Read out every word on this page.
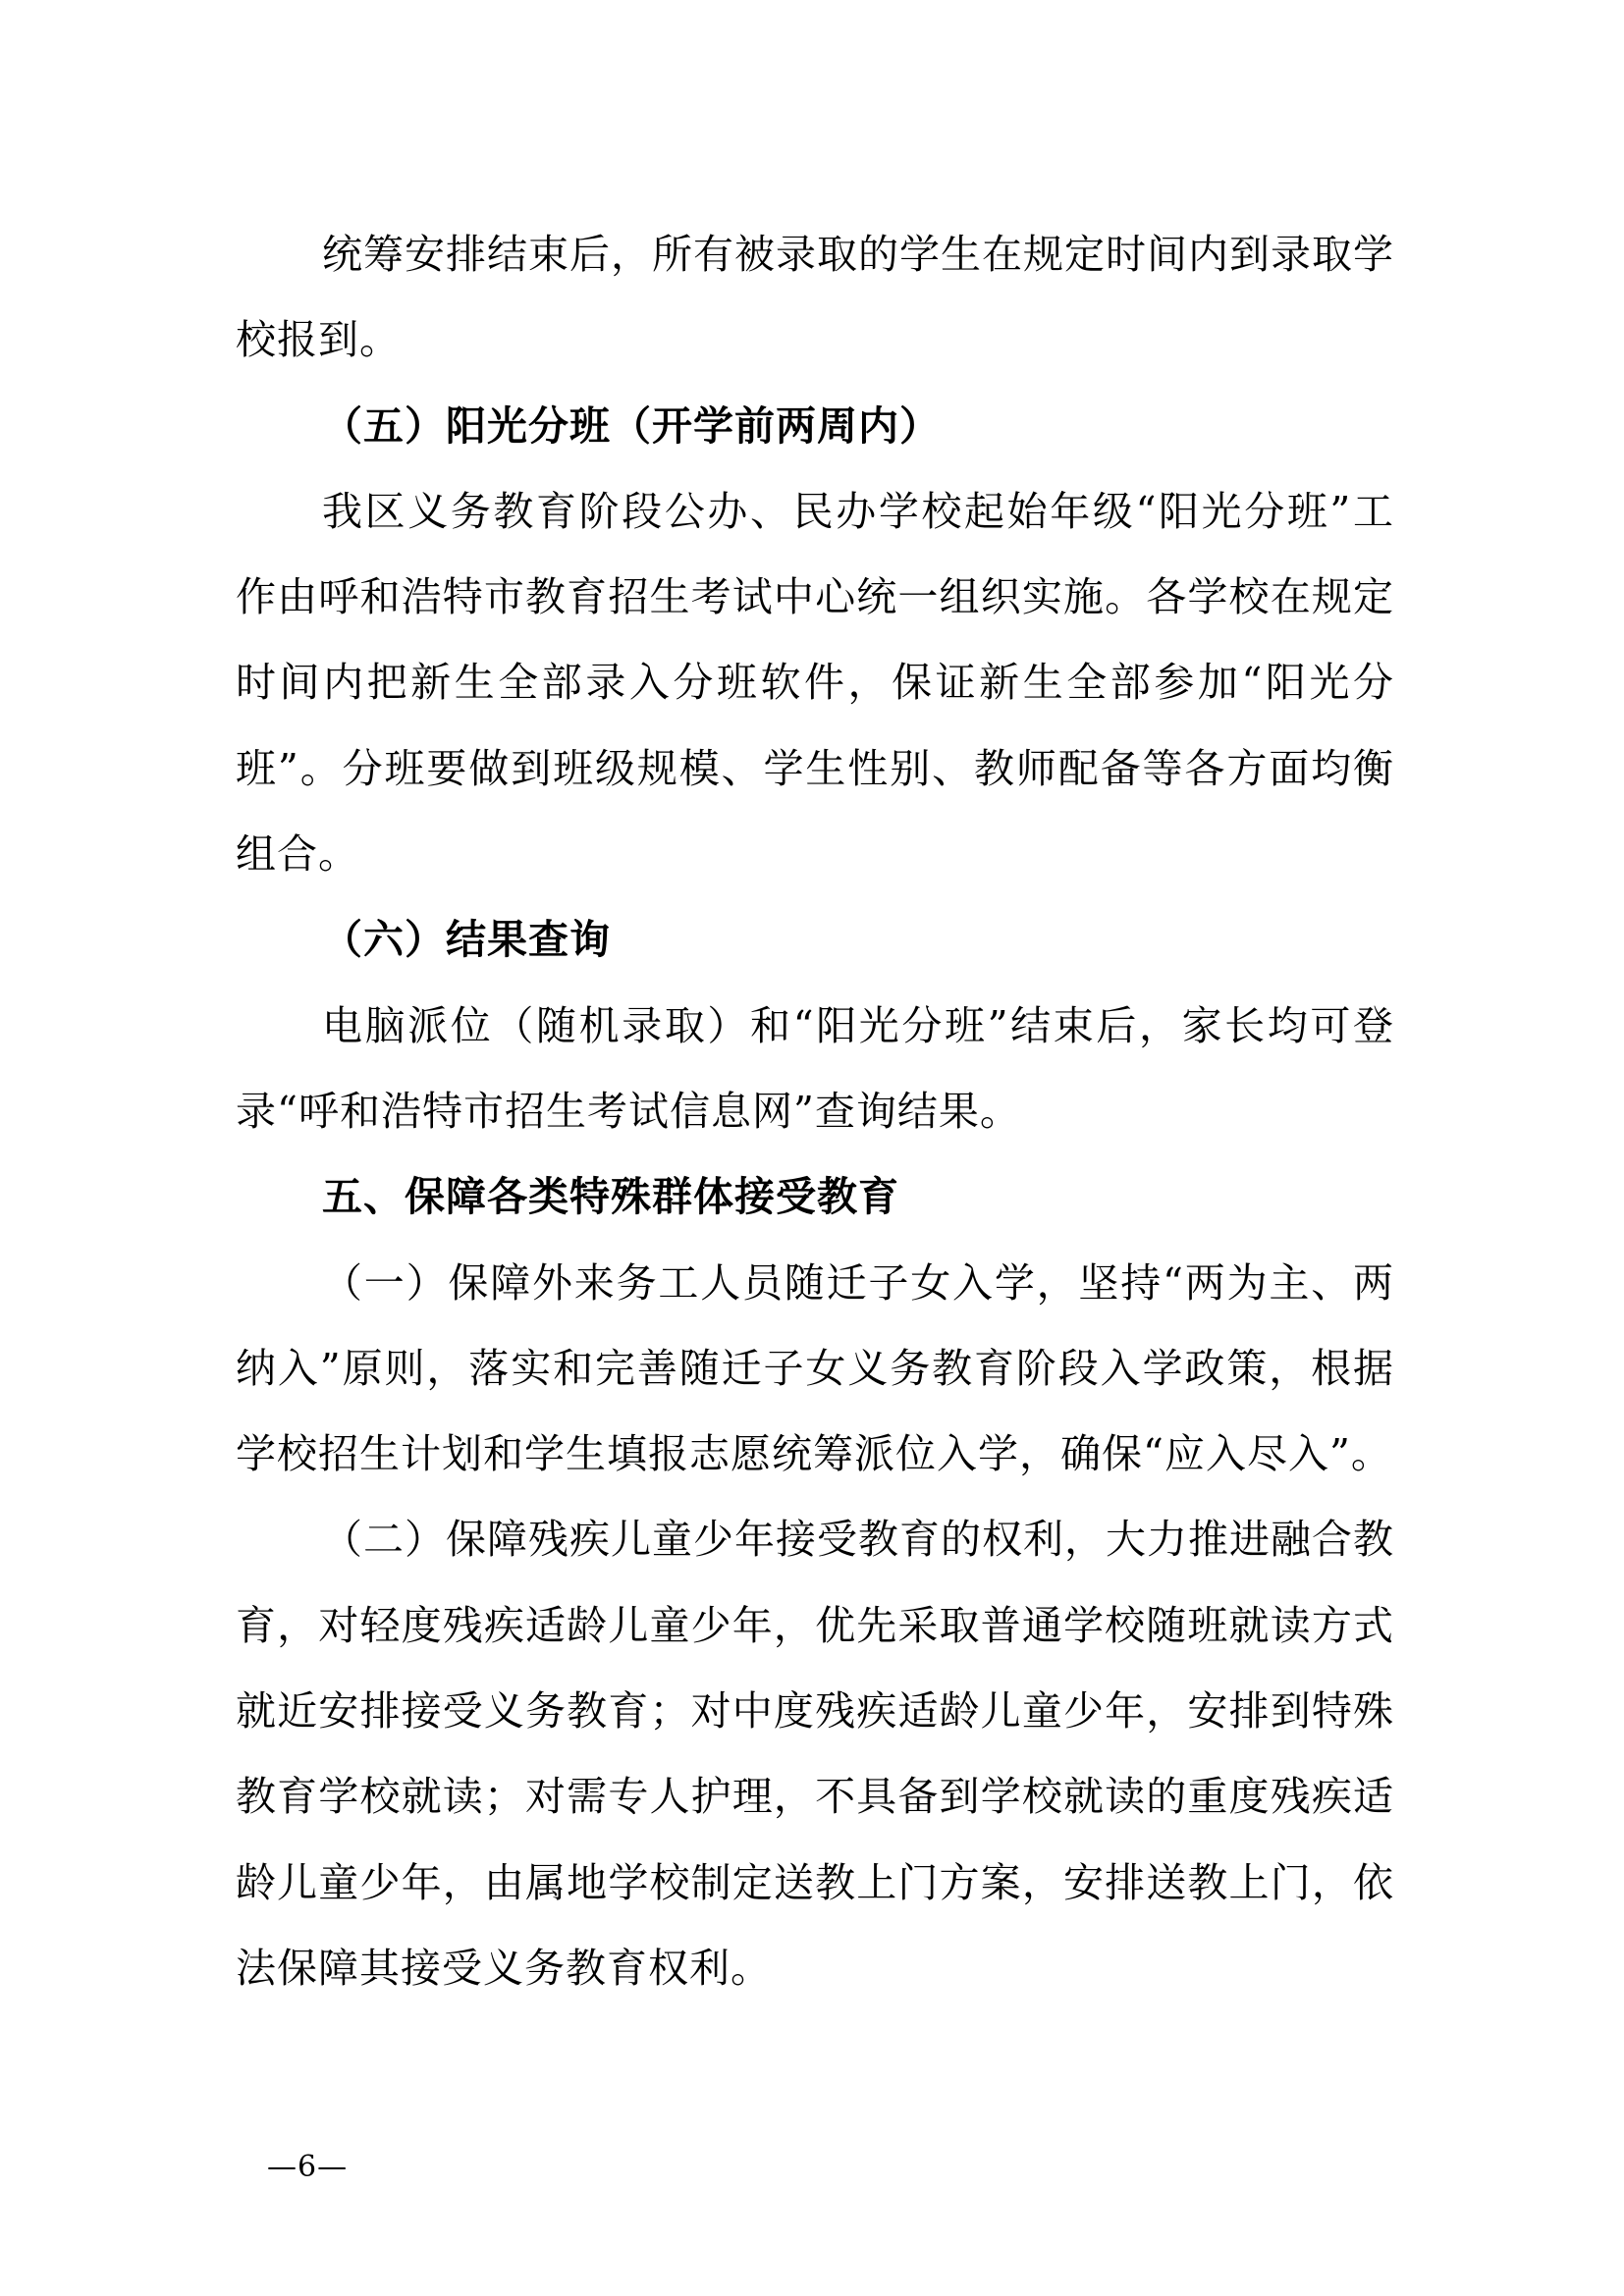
统筹安排结束后，所有被录取的学生在规定时间内到录取学校报到。

（五）阳光分班（开学前两周内）

我区义务教育阶段公办、民办学校起始年级“阳光分班”工作由呼和浩特市教育招生考试中心统一组织实施。各学校在规定时间内把新生全部录入分班软件，保证新生全部参加“阳光分班”。分班要做到班级规模、学生性别、教师配备等各方面均衡组合。

（六）结果查询

电脑派位（随机录取）和“阳光分班”结束后，家长均可登录“呼和浩特市招生考试信息网”查询结果。

五、保障各类特殊群体接受教育

（一）保障外来务工人员随迁子女入学，坚持“两为主、两纳入”原则，落实和完善随迁子女义务教育阶段入学政策，根据学校招生计划和学生填报志愿统筹派位入学，确保“应入尽入”。

（二）保障残疾儿童少年接受教育的权利，大力推进融合教育，对轻度残疾适龄儿童少年，优先采取普通学校随班就读方式就近安排接受义务教育；对中度残疾适龄儿童少年，安排到特殊教育学校就读；对需专人护理，不具备到学校就读的重度残疾适龄儿童少年，由属地学校制定送教上门方案，安排送教上门，依法保障其接受义务教育权利。

—6—
